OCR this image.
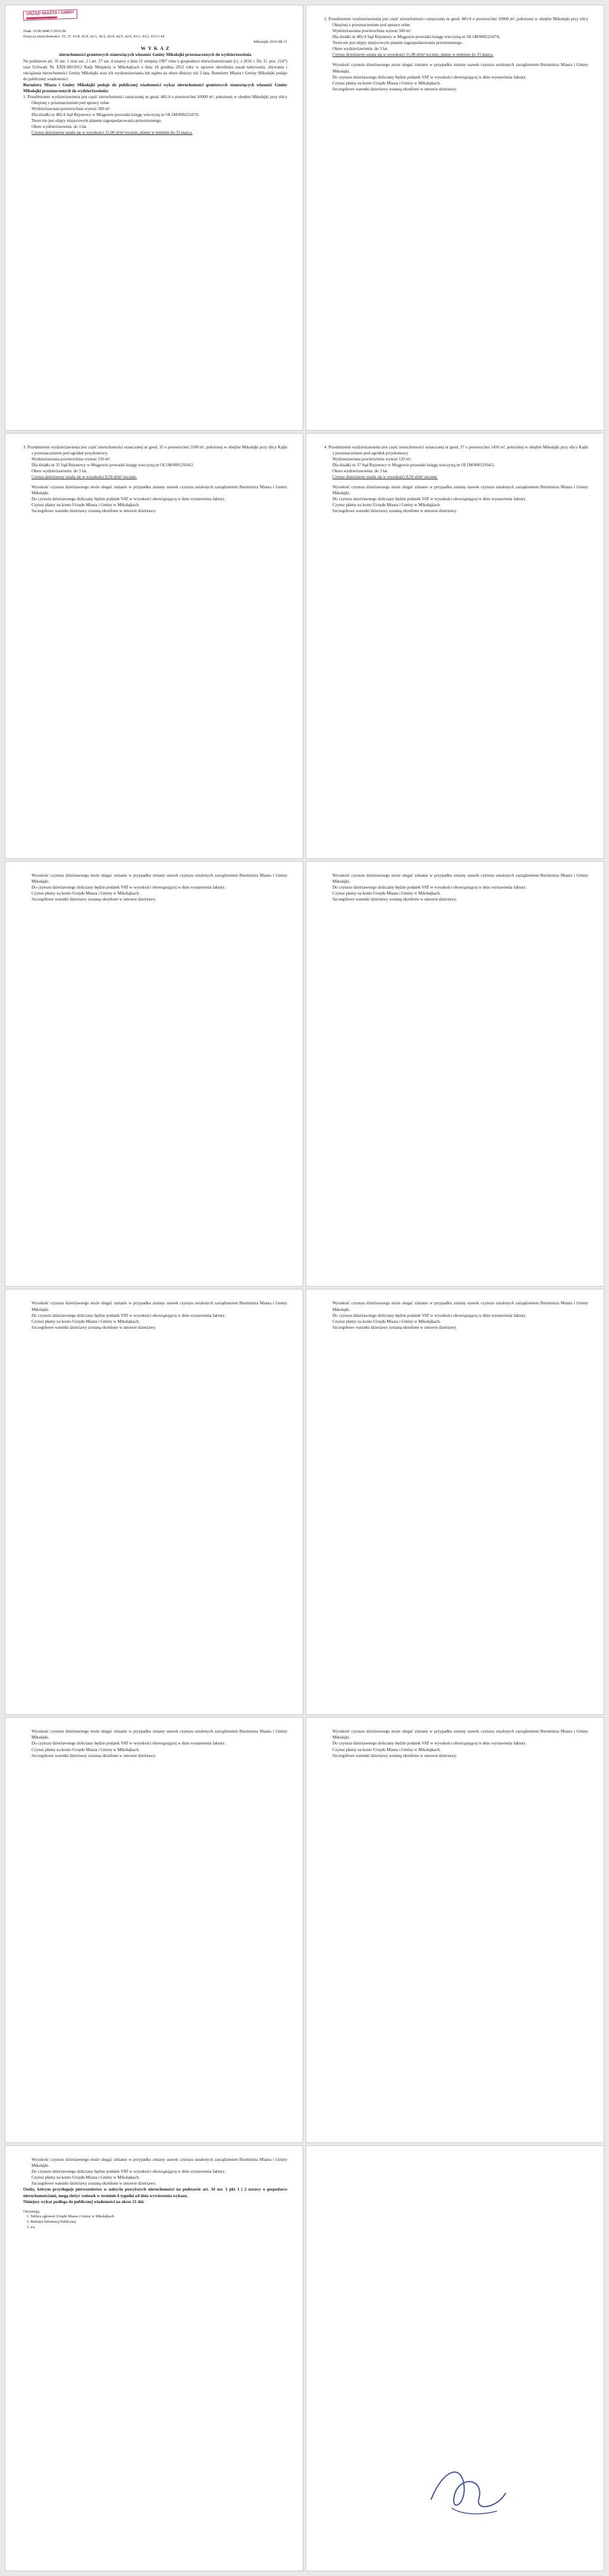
URZĄD MIASTA I GMINY

Znak: GGR.6840.5.2016.JK

Dotyczy nieruchomości: 35, 37, 41/8, 41/9, 42/1, 42/2, 42/4, 42/5, 42/6, 43/1, 43/2, 43/3 i 44

Mikołajki 2016-08-31

W Y K A Z

nieruchomości gruntowych stanowiących własność Gminy Mikołajki przeznaczonych do wydzierżawienia

Na podstawie art. 35 ust. 1 oraz ust. 2 i art. 37 ust. 4 ustawy z dnia 21 sierpnia 1997 roku o gospodarce nieruchomościami (t.j. z 2016 r. Dz. U. poz. 2147) oraz Uchwały Nr XXII/180/2012 Rady Miejskiej w Mikołajkach z dnia 18 grudnia 2012 roku w sprawie określenia zasad nabywania, zbywania i obciążania nieruchomości Gminy Mikołajki oraz ich wydzierżawiania lub najmu na okres dłuższy niż 3 lata, Burmistrz Miasta i Gminy Mikołajki podaje do publicznej wiadomości:

Burmistrz Miasta i Gminy Mikołajki podaje do publicznej wiadomości wykaz nieruchomości gruntowych stanowiących własność Gminy Mikołajki przeznaczonych do wydzierżawienia:

1. Przedmiotem wydzierżawienia jest część nieruchomości oznaczonej nr geod. 481/4 o powierzchni 10000 m², położonej w obrębie Mikołajki przy ulicy Okrężnej z przeznaczeniem pod uprawy rolne.

Wydzierżawiana powierzchnia wynosi 500 m².

Dla działki nr 481/4 Sąd Rejonowy w Mrągowie prowadzi księgę wieczystą nr OL1M/00022547/6.

Teren nie jest objęty miejscowym planem zagospodarowania przestrzennego.

Okres wydzierżawienia: do 3 lat.

Czynsz dzierżawny ustala się w wysokości 11,00 zł/m² rocznie, płatny w terminie do 31 marca.

2. Przedmiotem wydzierżawienia jest część nieruchomości oznaczonej nr geod. 481/4 o powierzchni 10000 m², położonej w obrębie Mikołajki przy ulicy Okrężnej z przeznaczeniem pod uprawy rolne.

Wydzierżawiana powierzchnia wynosi 500 m².

Dla działki nr 481/4 Sąd Rejonowy w Mrągowie prowadzi księgę wieczystą nr OL1M/00022547/6.

Teren nie jest objęty miejscowym planem zagospodarowania przestrzennego.

Okres wydzierżawienia: do 3 lat.

Czynsz dzierżawny ustala się w wysokości 11,00 zł/m² rocznie, płatny w terminie do 31 marca.

Wysokość czynszu dzierżawnego może ulegać zmianie w przypadku zmiany stawek czynszu ustalonych zarządzeniem Burmistrza Miasta i Gminy Mikołajki.

Do czynszu dzierżawnego doliczany będzie podatek VAT w wysokości obowiązującej w dniu wystawienia faktury.

Czynsz płatny na konto Urzędu Miasta i Gminy w Mikołajkach.

Szczegółowe warunki dzierżawy zostaną określone w umowie dzierżawy.

3. Przedmiotem wydzierżawienia jest część nieruchomości oznaczonej nr geod. 35 o powierzchni 2100 m², położonej w obrębie Mikołajki przy ulicy Kajki z przeznaczeniem pod ogródek przydomowy.

Wydzierżawiana powierzchnia wynosi 150 m².

Dla działki nr 35 Sąd Rejonowy w Mrągowie prowadzi księgę wieczystą nr OL1M/00012934/2.

Okres wydzierżawienia: do 3 lat.

Czynsz dzierżawny ustala się w wysokości 0,50 zł/m² rocznie.

Wysokość czynszu dzierżawnego może ulegać zmianie w przypadku zmiany stawek czynszu ustalonych zarządzeniem Burmistrza Miasta i Gminy Mikołajki.

Do czynszu dzierżawnego doliczany będzie podatek VAT w wysokości obowiązującej w dniu wystawienia faktury.

Czynsz płatny na konto Urzędu Miasta i Gminy w Mikołajkach.

Szczegółowe warunki dzierżawy zostaną określone w umowie dzierżawy.

4. Przedmiotem wydzierżawienia jest część nieruchomości oznaczonej nr geod. 37 o powierzchni 1450 m², położonej w obrębie Mikołajki przy ulicy Kajki z przeznaczeniem pod ogródek przydomowy.

Wydzierżawiana powierzchnia wynosi 120 m².

Dla działki nr 37 Sąd Rejonowy w Mrągowie prowadzi księgę wieczystą nr OL1M/00012934/2.

Okres wydzierżawienia: do 3 lat.

Czynsz dzierżawny ustala się w wysokości 0,50 zł/m² rocznie.

Wysokość czynszu dzierżawnego może ulegać zmianie w przypadku zmiany stawek czynszu ustalonych zarządzeniem Burmistrza Miasta i Gminy Mikołajki.

Do czynszu dzierżawnego doliczany będzie podatek VAT w wysokości obowiązującej w dniu wystawienia faktury.

Czynsz płatny na konto Urzędu Miasta i Gminy w Mikołajkach.

Szczegółowe warunki dzierżawy zostaną określone w umowie dzierżawy.

Wysokość czynszu dzierżawnego może ulegać zmianie w przypadku zmiany stawek czynszu ustalonych zarządzeniem Burmistrza Miasta i Gminy Mikołajki.

Do czynszu dzierżawnego doliczany będzie podatek VAT w wysokości obowiązującej w dniu wystawienia faktury.

Czynsz płatny na konto Urzędu Miasta i Gminy w Mikołajkach.

Szczegółowe warunki dzierżawy zostaną określone w umowie dzierżawy.

Wysokość czynszu dzierżawnego może ulegać zmianie w przypadku zmiany stawek czynszu ustalonych zarządzeniem Burmistrza Miasta i Gminy Mikołajki.

Do czynszu dzierżawnego doliczany będzie podatek VAT w wysokości obowiązującej w dniu wystawienia faktury.

Czynsz płatny na konto Urzędu Miasta i Gminy w Mikołajkach.

Szczegółowe warunki dzierżawy zostaną określone w umowie dzierżawy.

Wysokość czynszu dzierżawnego może ulegać zmianie w przypadku zmiany stawek czynszu ustalonych zarządzeniem Burmistrza Miasta i Gminy Mikołajki.

Do czynszu dzierżawnego doliczany będzie podatek VAT w wysokości obowiązującej w dniu wystawienia faktury.

Czynsz płatny na konto Urzędu Miasta i Gminy w Mikołajkach.

Szczegółowe warunki dzierżawy zostaną określone w umowie dzierżawy.

Wysokość czynszu dzierżawnego może ulegać zmianie w przypadku zmiany stawek czynszu ustalonych zarządzeniem Burmistrza Miasta i Gminy Mikołajki.

Do czynszu dzierżawnego doliczany będzie podatek VAT w wysokości obowiązującej w dniu wystawienia faktury.

Czynsz płatny na konto Urzędu Miasta i Gminy w Mikołajkach.

Szczegółowe warunki dzierżawy zostaną określone w umowie dzierżawy.

Wysokość czynszu dzierżawnego może ulegać zmianie w przypadku zmiany stawek czynszu ustalonych zarządzeniem Burmistrza Miasta i Gminy Mikołajki.

Do czynszu dzierżawnego doliczany będzie podatek VAT w wysokości obowiązującej w dniu wystawienia faktury.

Czynsz płatny na konto Urzędu Miasta i Gminy w Mikołajkach.

Szczegółowe warunki dzierżawy zostaną określone w umowie dzierżawy.

Wysokość czynszu dzierżawnego może ulegać zmianie w przypadku zmiany stawek czynszu ustalonych zarządzeniem Burmistrza Miasta i Gminy Mikołajki.

Do czynszu dzierżawnego doliczany będzie podatek VAT w wysokości obowiązującej w dniu wystawienia faktury.

Czynsz płatny na konto Urzędu Miasta i Gminy w Mikołajkach.

Szczegółowe warunki dzierżawy zostaną określone w umowie dzierżawy.

Wysokość czynszu dzierżawnego może ulegać zmianie w przypadku zmiany stawek czynszu ustalonych zarządzeniem Burmistrza Miasta i Gminy Mikołajki.

Do czynszu dzierżawnego doliczany będzie podatek VAT w wysokości obowiązującej w dniu wystawienia faktury.

Czynsz płatny na konto Urzędu Miasta i Gminy w Mikołajkach.

Szczegółowe warunki dzierżawy zostaną określone w umowie dzierżawy.

Osoby, którym przysługuje pierwszeństwo w nabyciu powyższych nieruchomości na podstawie art. 34 ust. 1 pkt 1 i 2 ustawy o gospodarce nieruchomościami, mogą złożyć wniosek w terminie 6 tygodni od dnia wywieszenia wykazu.

Niniejszy wykaz podlega do publicznej wiadomości na okres 21 dni.

Otrzymują:

1. Tablica ogłoszeń Urzędu Miasta i Gminy w Mikołajkach
2. Biuletyn Informacji Publicznej
3. a/a
